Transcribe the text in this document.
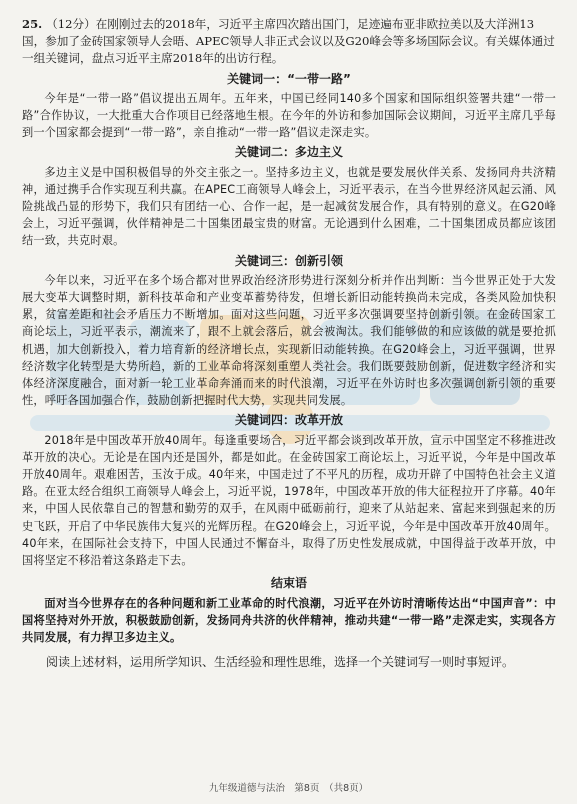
25. （12分）在刚刚过去的2018年，习近平主席四次踏出国门，足迹遍布亚非欧拉美以及大洋洲13国，参加了金砖国家领导人会晤、APEC领导人非正式会议以及G20峰会等多场国际会议。有关媒体通过一组关键词，盘点习近平主席2018年的出访行程。

关键词一：“一带一路”

今年是“一带一路”倡议提出五周年。五年来，中国已经同140多个国家和国际组织签署共建“一带一路”合作协议，一大批重大合作项目已经落地生根。在今年的外访和参加国际会议期间，习近平主席几乎每到一个国家都会提到“一带一路”，亲自推动“一带一路”倡议走深走实。

关键词二：多边主义

多边主义是中国积极倡导的外交主张之一。坚持多边主义，也就是要发展伙伴关系、发扬同舟共济精神，通过携手合作实现互利共赢。在APEC工商领导人峰会上，习近平表示，在当今世界经济风起云涌、风险挑战凸显的形势下，我们只有团结一心、合作一起，是一起减贫发展合作，具有特别的意义。在G20峰会上，习近平强调，伙伴精神是二十国集团最宝贵的财富。无论遇到什么困难，二十国集团成员都应该团结一致，共克时艰。

关键词三：创新引领

今年以来，习近平在多个场合都对世界政治经济形势进行深刻分析并作出判断：当今世界正处于大发展大变革大调整时期，新科技革命和产业变革蓄势待发，但增长新旧动能转换尚未完成，各类风险加快积累，贫富差距和社会矛盾压力不断增加。面对这些问题，习近平多次强调要坚持创新引领。在金砖国家工商论坛上，习近平表示，潮流来了，跟不上就会落后，就会被淘汰。我们能够做的和应该做的就是要抢抓机遇，加大创新投入，着力培育新的经济增长点，实现新旧动能转换。在G20峰会上，习近平强调，世界经济数字化转型是大势所趋，新的工业革命将深刻重塑人类社会。我们既要鼓励创新，促进数字经济和实体经济深度融合，面对新一轮工业革命奔涌而来的时代浪潮，习近平在外访时也多次强调创新引领的重要性，呼吁各国加强合作，鼓励创新把握时代大势，实现共同发展。

关键词四：改革开放

2018年是中国改革开放40周年。每逢重要场合，习近平都会谈到改革开放，宣示中国坚定不移推进改革开放的决心。无论是在国内还是国外，都是如此。在金砖国家工商论坛上，习近平说，今年是中国改革开放40周年。艰难困苦，玉汝于成。40年来，中国走过了不平凡的历程，成功开辟了中国特色社会主义道路。在亚太经合组织工商领导人峰会上，习近平说，1978年，中国改革开放的伟大征程拉开了序幕。40年来，中国人民依靠自己的智慧和勤劳的双手，在风雨中砥砺前行，迎来了从站起来、富起来到强起来的历史飞跃，开启了中华民族伟大复兴的光辉历程。在G20峰会上，习近平说，今年是中国改革开放40周年。40年来，在国际社会支持下，中国人民通过不懈奋斗，取得了历史性发展成就，中国得益于改革开放，中国将坚定不移沿着这条路走下去。

结束语

面对当今世界存在的各种问题和新工业革命的时代浪潮，习近平在外访时清晰传达出“中国声音”：中国将坚持对外开放，积极鼓励创新，发扬同舟共济的伙伴精神，推动共建“一带一路”走深走实，实现各方共同发展，有力捍卫多边主义。

阅读上述材料，运用所学知识、生活经验和理性思维，选择一个关键词写一则时事短评。

九年级道德与法治　第8页　（共8页）
